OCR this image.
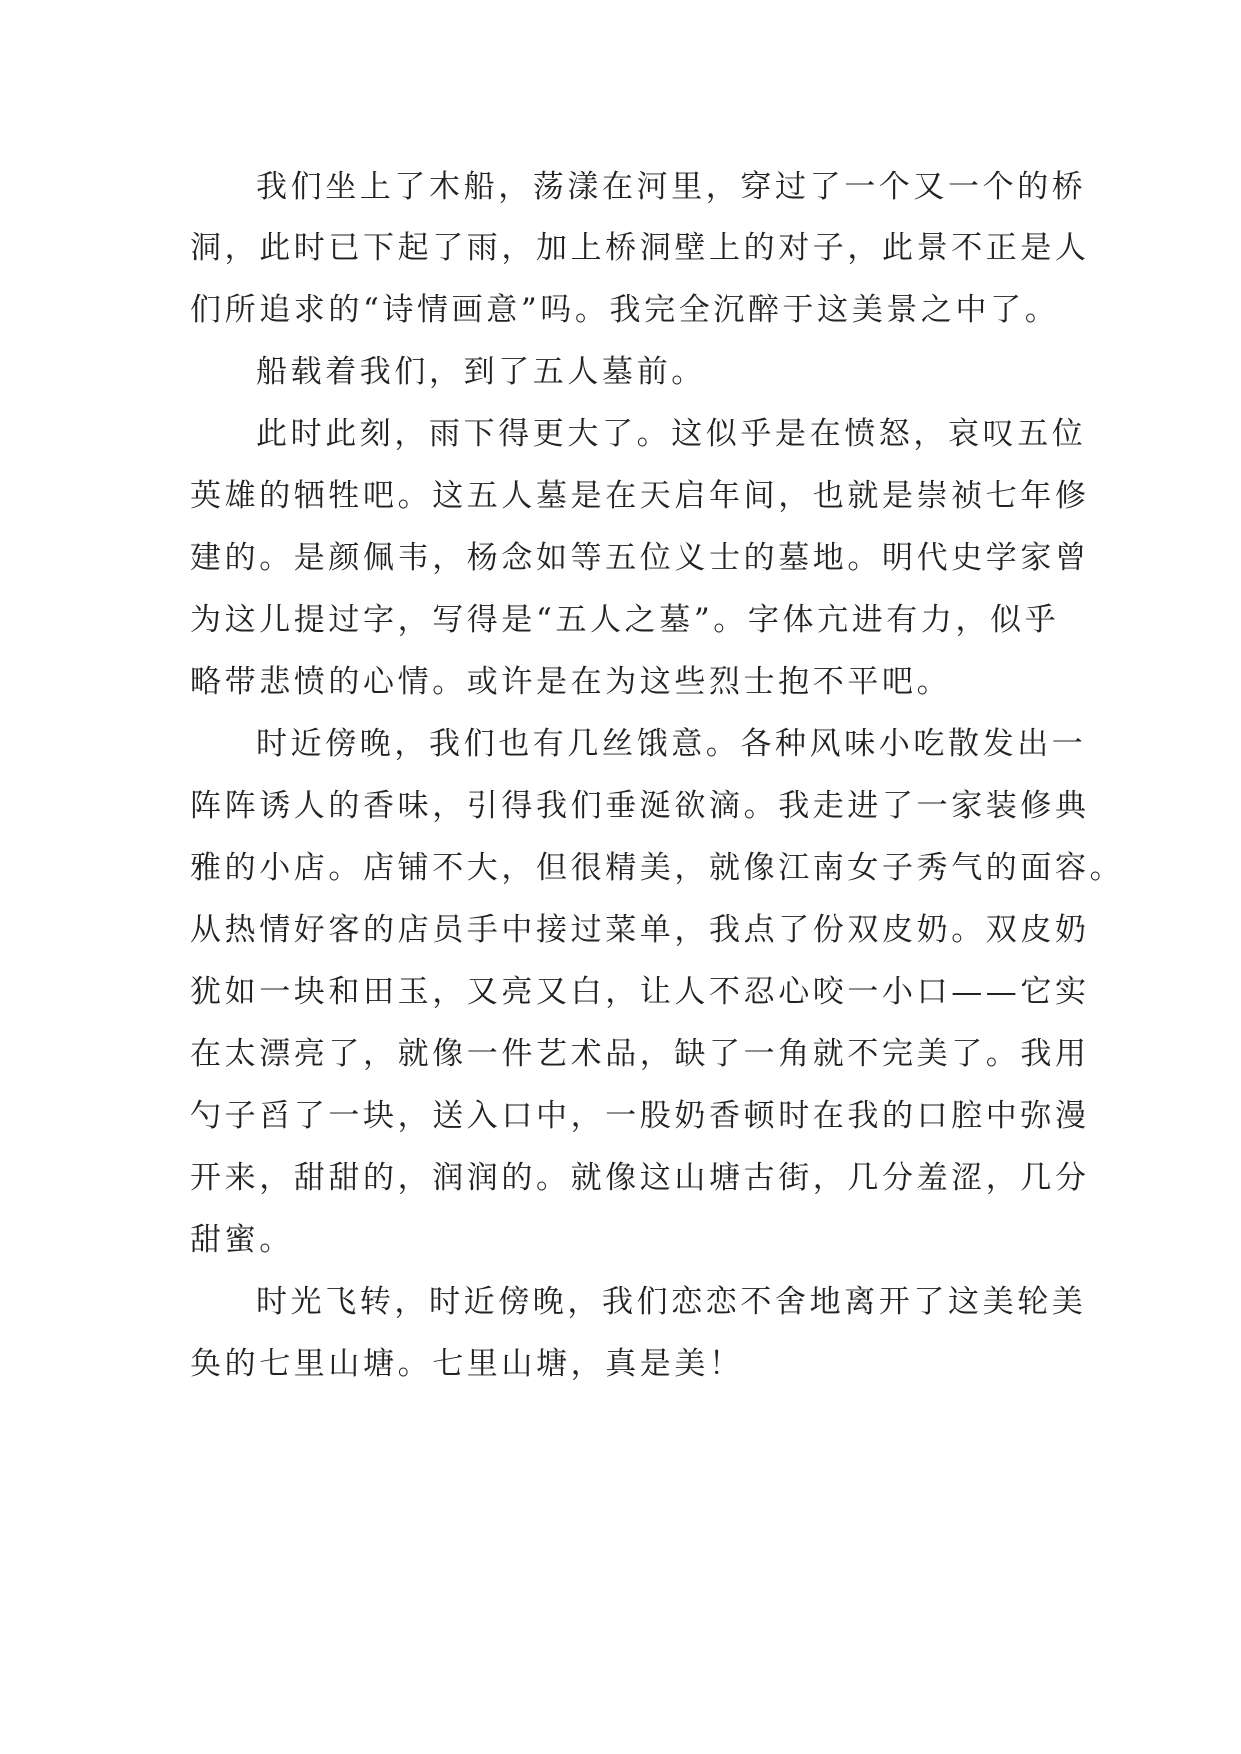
我们坐上了木船，荡漾在河里，穿过了一个又一个的桥
洞，此时已下起了雨，加上桥洞壁上的对子，此景不正是人
们所追求的“诗情画意”吗。我完全沉醉于这美景之中了。
船载着我们，到了五人墓前。
此时此刻，雨下得更大了。这似乎是在愤怒，哀叹五位
英雄的牺牲吧。这五人墓是在天启年间，也就是崇祯七年修
建的。是颜佩韦，杨念如等五位义士的墓地。明代史学家曾
为这儿提过字，写得是“五人之墓”。字体亢进有力，似乎
略带悲愤的心情。或许是在为这些烈士抱不平吧。
时近傍晚，我们也有几丝饿意。各种风味小吃散发出一
阵阵诱人的香味，引得我们垂涎欲滴。我走进了一家装修典
雅的小店。店铺不大，但很精美，就像江南女子秀气的面容。
从热情好客的店员手中接过菜单，我点了份双皮奶。双皮奶
犹如一块和田玉，又亮又白，让人不忍心咬一小口——它实
在太漂亮了，就像一件艺术品，缺了一角就不完美了。我用
勺子舀了一块，送入口中，一股奶香顿时在我的口腔中弥漫
开来，甜甜的，润润的。就像这山塘古街，几分羞涩，几分
甜蜜。
时光飞转，时近傍晚，我们恋恋不舍地离开了这美轮美
奂的七里山塘。七里山塘，真是美！
